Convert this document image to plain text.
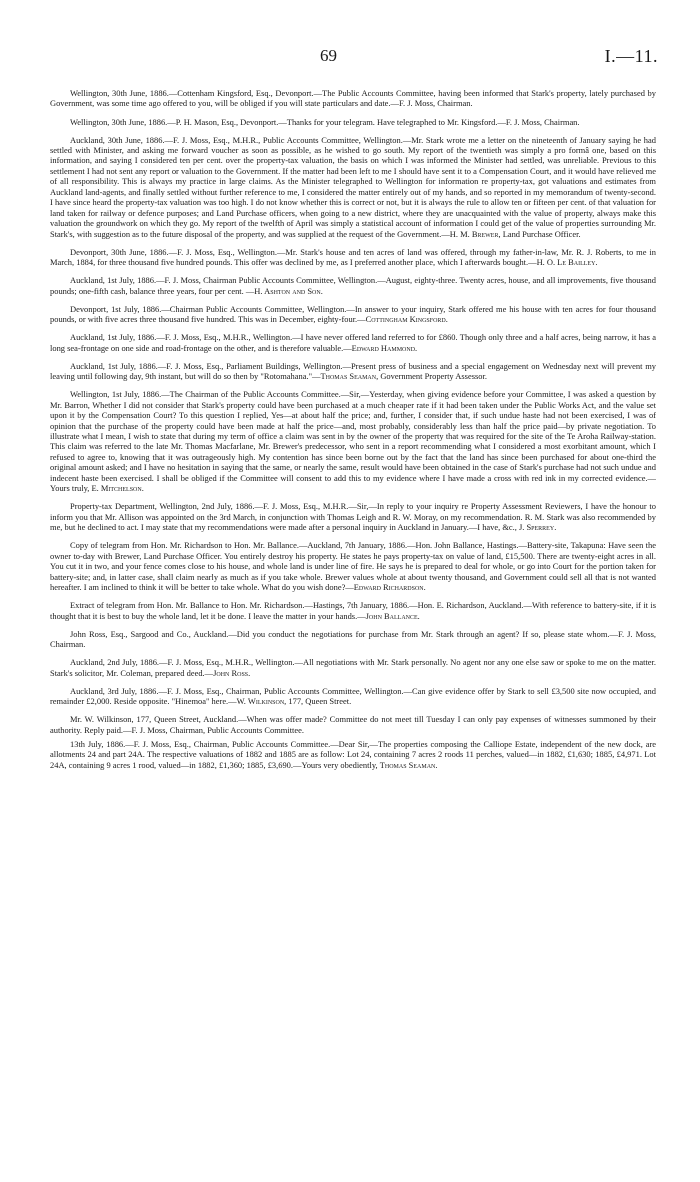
69	I.—11.

Wellington, 30th June, 1886.—Cottenham Kingsford, Esq., Devonport.—The Public Accounts Committee, having been informed that Stark's property, lately purchased by Government, was some time ago offered to you, will be obliged if you will state particulars and date.—F. J. Moss, Chairman.

Wellington, 30th June, 1886.—P. H. Mason, Esq., Devonport.—Thanks for your telegram. Have telegraphed to Mr. Kingsford.—F. J. Moss, Chairman.

Auckland, 30th June, 1886.—F. J. Moss, Esq., M.H.R., Public Accounts Committee, Wellington.—Mr. Stark wrote me a letter on the nineteenth of January saying he had settled with Minister, and asking me forward voucher as soon as possible, as he wished to go south. My report of the twentieth was simply a pro formâ one, based on this information, and saying I considered ten per cent. over the property-tax valuation, the basis on which I was informed the Minister had settled, was unreliable. Previous to this settlement I had not sent any report or valuation to the Government. If the matter had been left to me I should have sent it to a Compensation Court, and it would have relieved me of all responsibility. This is always my practice in large claims. As the Minister telegraphed to Wellington for information re property-tax, got valuations and estimates from Auckland land-agents, and finally settled without further reference to me, I considered the matter entirely out of my hands, and so reported in my memorandum of twenty-second. I have since heard the property-tax valuation was too high. I do not know whether this is correct or not, but it is always the rule to allow ten or fifteen per cent. of that valuation for land taken for railway or defence purposes; and Land Purchase officers, when going to a new district, where they are unacquainted with the value of property, always make this valuation the groundwork on which they go. My report of the twelfth of April was simply a statistical account of information I could get of the value of properties surrounding Mr. Stark's, with suggestion as to the future disposal of the property, and was supplied at the request of the Government.—H. M. Brewer, Land Purchase Officer.

Devonport, 30th June, 1886.—F. J. Moss, Esq., Wellington.—Mr. Stark's house and ten acres of land was offered, through my father-in-law, Mr. R. J. Roberts, to me in March, 1884, for three thousand five hundred pounds. This offer was declined by me, as I preferred another place, which I afterwards bought.—H. O. Le Bailley.

Auckland, 1st July, 1886.—F. J. Moss, Chairman Public Accounts Committee, Wellington.—August, eighty-three. Twenty acres, house, and all improvements, five thousand pounds; one-fifth cash, balance three years, four per cent. —H. Ashton and Son.

Devonport, 1st July, 1886.—Chairman Public Accounts Committee, Wellington.—In answer to your inquiry, Stark offered me his house with ten acres for four thousand pounds, or with five acres three thousand five hundred. This was in December, eighty-four.—Cottingham Kingsford.

Auckland, 1st July, 1886.—F. J. Moss, Esq., M.H.R., Wellington.—I have never offered land referred to for £860. Though only three and a half acres, being narrow, it has a long sea-frontage on one side and road-frontage on the other, and is therefore valuable.—Edward Hammond.

Auckland, 1st July, 1886.—F. J. Moss, Esq., Parliament Buildings, Wellington.—Present press of business and a special engagement on Wednesday next will prevent my leaving until following day, 9th instant, but will do so then by "Rotomahana."—Thomas Seaman, Government Property Assessor.

Wellington, 1st July, 1886.—The Chairman of the Public Accounts Committee.—Sir,—Yesterday, when giving evidence before your Committee, I was asked a question by Mr. Barron, Whether I did not consider that Stark's property could have been purchased at a much cheaper rate if it had been taken under the Public Works Act, and the value set upon it by the Compensation Court? To this question I replied, Yes—at about half the price; and, further, I consider that, if such undue haste had not been exercised, I was of opinion that the purchase of the property could have been made at half the price—and, most probably, considerably less than half the price paid—by private negotiation. To illustrate what I mean, I wish to state that during my term of office a claim was sent in by the owner of the property that was required for the site of the Te Aroha Railway-station. This claim was referred to the late Mr. Thomas Macfarlane, Mr. Brewer's predecessor, who sent in a report recommending what I considered a most exorbitant amount, which I refused to agree to, knowing that it was outrageously high. My contention has since been borne out by the fact that the land has since been purchased for about one-third the original amount asked; and I have no hesitation in saying that the same, or nearly the same, result would have been obtained in the case of Stark's purchase had not such undue and indecent haste been exercised. I shall be obliged if the Committee will consent to add this to my evidence where I have made a cross with red ink in my corrected evidence.—Yours truly, E. Mitchelson.

Property-tax Department, Wellington, 2nd July, 1886.—F. J. Moss, Esq., M.H.R.—Sir,—In reply to your inquiry re Property Assessment Reviewers, I have the honour to inform you that Mr. Allison was appointed on the 3rd March, in conjunction with Thomas Leigh and R. W. Moray, on my recommendation. R. M. Stark was also recommended by me, but he declined to act. I may state that my recommendations were made after a personal inquiry in Auckland in January.—I have, &c., J. Sperrey.

Copy of telegram from Hon. Mr. Richardson to Hon. Mr. Ballance.—Auckland, 7th January, 1886.—Hon. John Ballance, Hastings.—Battery-site, Takapuna: Have seen the owner to-day with Brewer, Land Purchase Officer. You entirely destroy his property. He states he pays property-tax on value of land, £15,500. There are twenty-eight acres in all. You cut it in two, and your fence comes close to his house, and whole land is under line of fire. He says he is prepared to deal for whole, or go into Court for the portion taken for battery-site; and, in latter case, shall claim nearly as much as if you take whole. Brewer values whole at about twenty thousand, and Government could sell all that is not wanted hereafter. I am inclined to think it will be better to take whole. What do you wish done?—Edward Richardson.

Extract of telegram from Hon. Mr. Ballance to Hon. Mr. Richardson.—Hastings, 7th January, 1886.—Hon. E. Richardson, Auckland.—With reference to battery-site, if it is thought that it is best to buy the whole land, let it be done. I leave the matter in your hands.—John Ballance.

John Ross, Esq., Sargood and Co., Auckland.—Did you conduct the negotiations for purchase from Mr. Stark through an agent? If so, please state whom.—F. J. Moss, Chairman.

Auckland, 2nd July, 1886.—F. J. Moss, Esq., M.H.R., Wellington.—All negotiations with Mr. Stark personally. No agent nor any one else saw or spoke to me on the matter. Stark's solicitor, Mr. Coleman, prepared deed.—John Ross.

Auckland, 3rd July, 1886.—F. J. Moss, Esq., Chairman, Public Accounts Committee, Wellington.—Can give evidence offer by Stark to sell £3,500 site now occupied, and remainder £2,000. Reside opposite. "Hinemoa" here.—W. Wilkinson, 177, Queen Street.

Mr. W. Wilkinson, 177, Queen Street, Auckland.—When was offer made? Committee do not meet till Tuesday I can only pay expenses of witnesses summoned by their authority. Reply paid.—F. J. Moss, Chairman, Public Accounts Committee.

13th July, 1886.—F. J. Moss, Esq., Chairman, Public Accounts Committee.—Dear Sir,—The properties composing the Calliope Estate, independent of the new dock, are allotments 24 and part 24A. The respective valuations of 1882 and 1885 are as follow: Lot 24, containing 7 acres 2 roods 11 perches, valued—in 1882, £1,630; 1885, £4,971. Lot 24A, containing 9 acres 1 rood, valued—in 1882, £1,360; 1885, £3,690.—Yours very obediently, Thomas Seaman.
